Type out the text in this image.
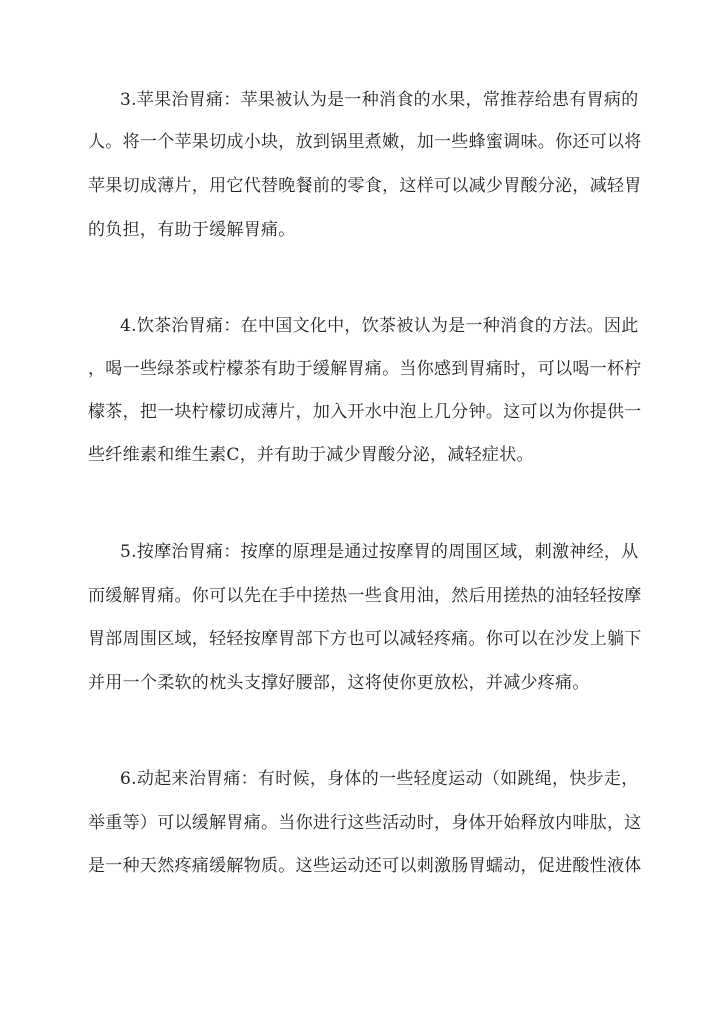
3.苹果治胃痛：苹果被认为是一种消食的水果，常推荐给患有胃病的
人。将一个苹果切成小块，放到锅里煮嫩，加一些蜂蜜调味。你还可以将
苹果切成薄片，用它代替晚餐前的零食，这样可以减少胃酸分泌，减轻胃
的负担，有助于缓解胃痛。
4.饮茶治胃痛：在中国文化中，饮茶被认为是一种消食的方法。因此
，喝一些绿茶或柠檬茶有助于缓解胃痛。当你感到胃痛时，可以喝一杯柠
檬茶，把一块柠檬切成薄片，加入开水中泡上几分钟。这可以为你提供一
些纤维素和维生素C，并有助于减少胃酸分泌，减轻症状。
5.按摩治胃痛：按摩的原理是通过按摩胃的周围区域，刺激神经，从
而缓解胃痛。你可以先在手中搓热一些食用油，然后用搓热的油轻轻按摩
胃部周围区域，轻轻按摩胃部下方也可以减轻疼痛。你可以在沙发上躺下
并用一个柔软的枕头支撑好腰部，这将使你更放松，并减少疼痛。
6.动起来治胃痛：有时候，身体的一些轻度运动（如跳绳，快步走，
举重等）可以缓解胃痛。当你进行这些活动时，身体开始释放内啡肽，这
是一种天然疼痛缓解物质。这些运动还可以刺激肠胃蠕动，促进酸性液体
